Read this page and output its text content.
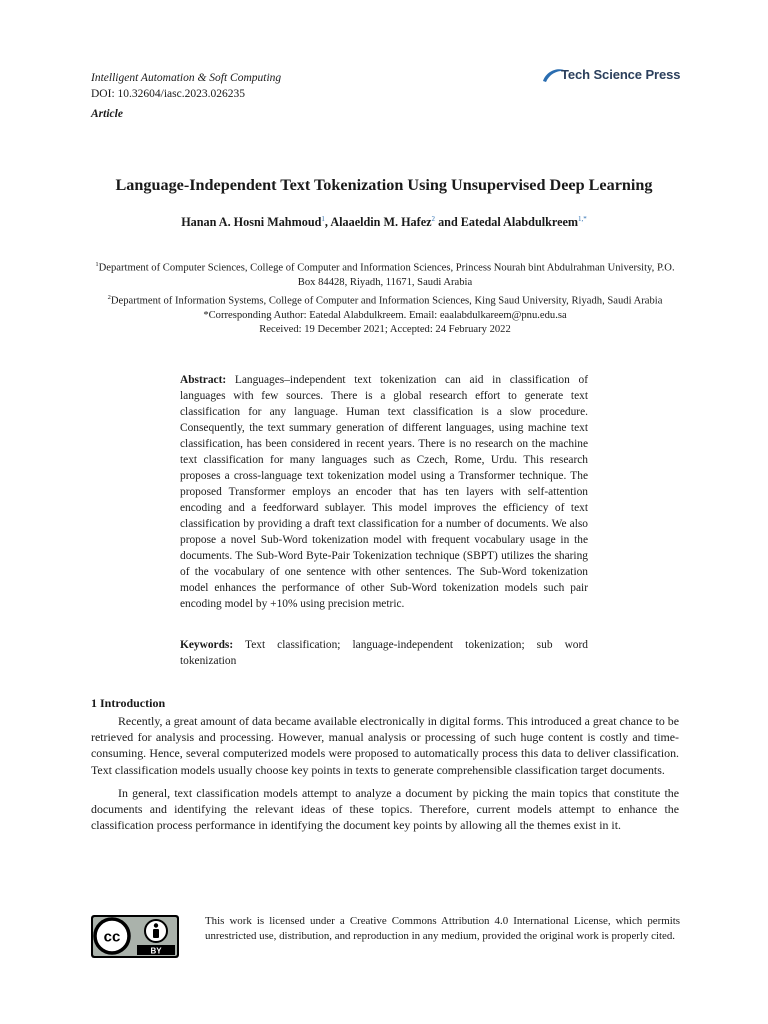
Intelligent Automation & Soft Computing
DOI: 10.32604/iasc.2023.026235
Article
Tech Science Press
Language-Independent Text Tokenization Using Unsupervised Deep Learning
Hanan A. Hosni Mahmoud$^1$, Alaaeldin M. Hafez$^2$ and Eatedal Alabdulkreem$^{1,*}$
$^1$Department of Computer Sciences, College of Computer and Information Sciences, Princess Nourah bint Abdulrahman University, P.O. Box 84428, Riyadh, 11671, Saudi Arabia
$^2$Department of Information Systems, College of Computer and Information Sciences, King Saud University, Riyadh, Saudi Arabia
*Corresponding Author: Eatedal Alabdulkreem. Email: eaalabdulkareem@pnu.edu.sa
Received: 19 December 2021; Accepted: 24 February 2022
Abstract: Languages–independent text tokenization can aid in classification of languages with few sources. There is a global research effort to generate text classification for any language. Human text classification is a slow procedure. Consequently, the text summary generation of different languages, using machine text classification, has been considered in recent years. There is no research on the machine text classification for many languages such as Czech, Rome, Urdu. This research proposes a cross-language text tokenization model using a Transformer technique. The proposed Transformer employs an encoder that has ten layers with self-attention encoding and a feedforward sublayer. This model improves the efficiency of text classification by providing a draft text classification for a number of documents. We also propose a novel Sub-Word tokenization model with frequent vocabulary usage in the documents. The Sub-Word Byte-Pair Tokenization technique (SBPT) utilizes the sharing of the vocabulary of one sentence with other sentences. The Sub-Word tokenization model enhances the performance of other Sub-Word tokenization models such pair encoding model by +10% using precision metric.
Keywords: Text classification; language-independent tokenization; sub word tokenization
1 Introduction

Recently, a great amount of data became available electronically in digital forms. This introduced a great chance to be retrieved for analysis and processing. However, manual analysis or processing of such huge content is costly and time-consuming. Hence, several computerized models were proposed to automatically process this data to deliver classification. Text classification models usually choose key points in texts to generate comprehensible classification target documents.

In general, text classification models attempt to analyze a document by picking the main topics that constitute the documents and identifying the relevant ideas of these topics. Therefore, current models attempt to enhance the classification process performance in identifying the document key points by allowing all the themes exist in it.

cc
BY
This work is licensed under a Creative Commons Attribution 4.0 International License, which permits unrestricted use, distribution, and reproduction in any medium, provided the original work is properly cited.
